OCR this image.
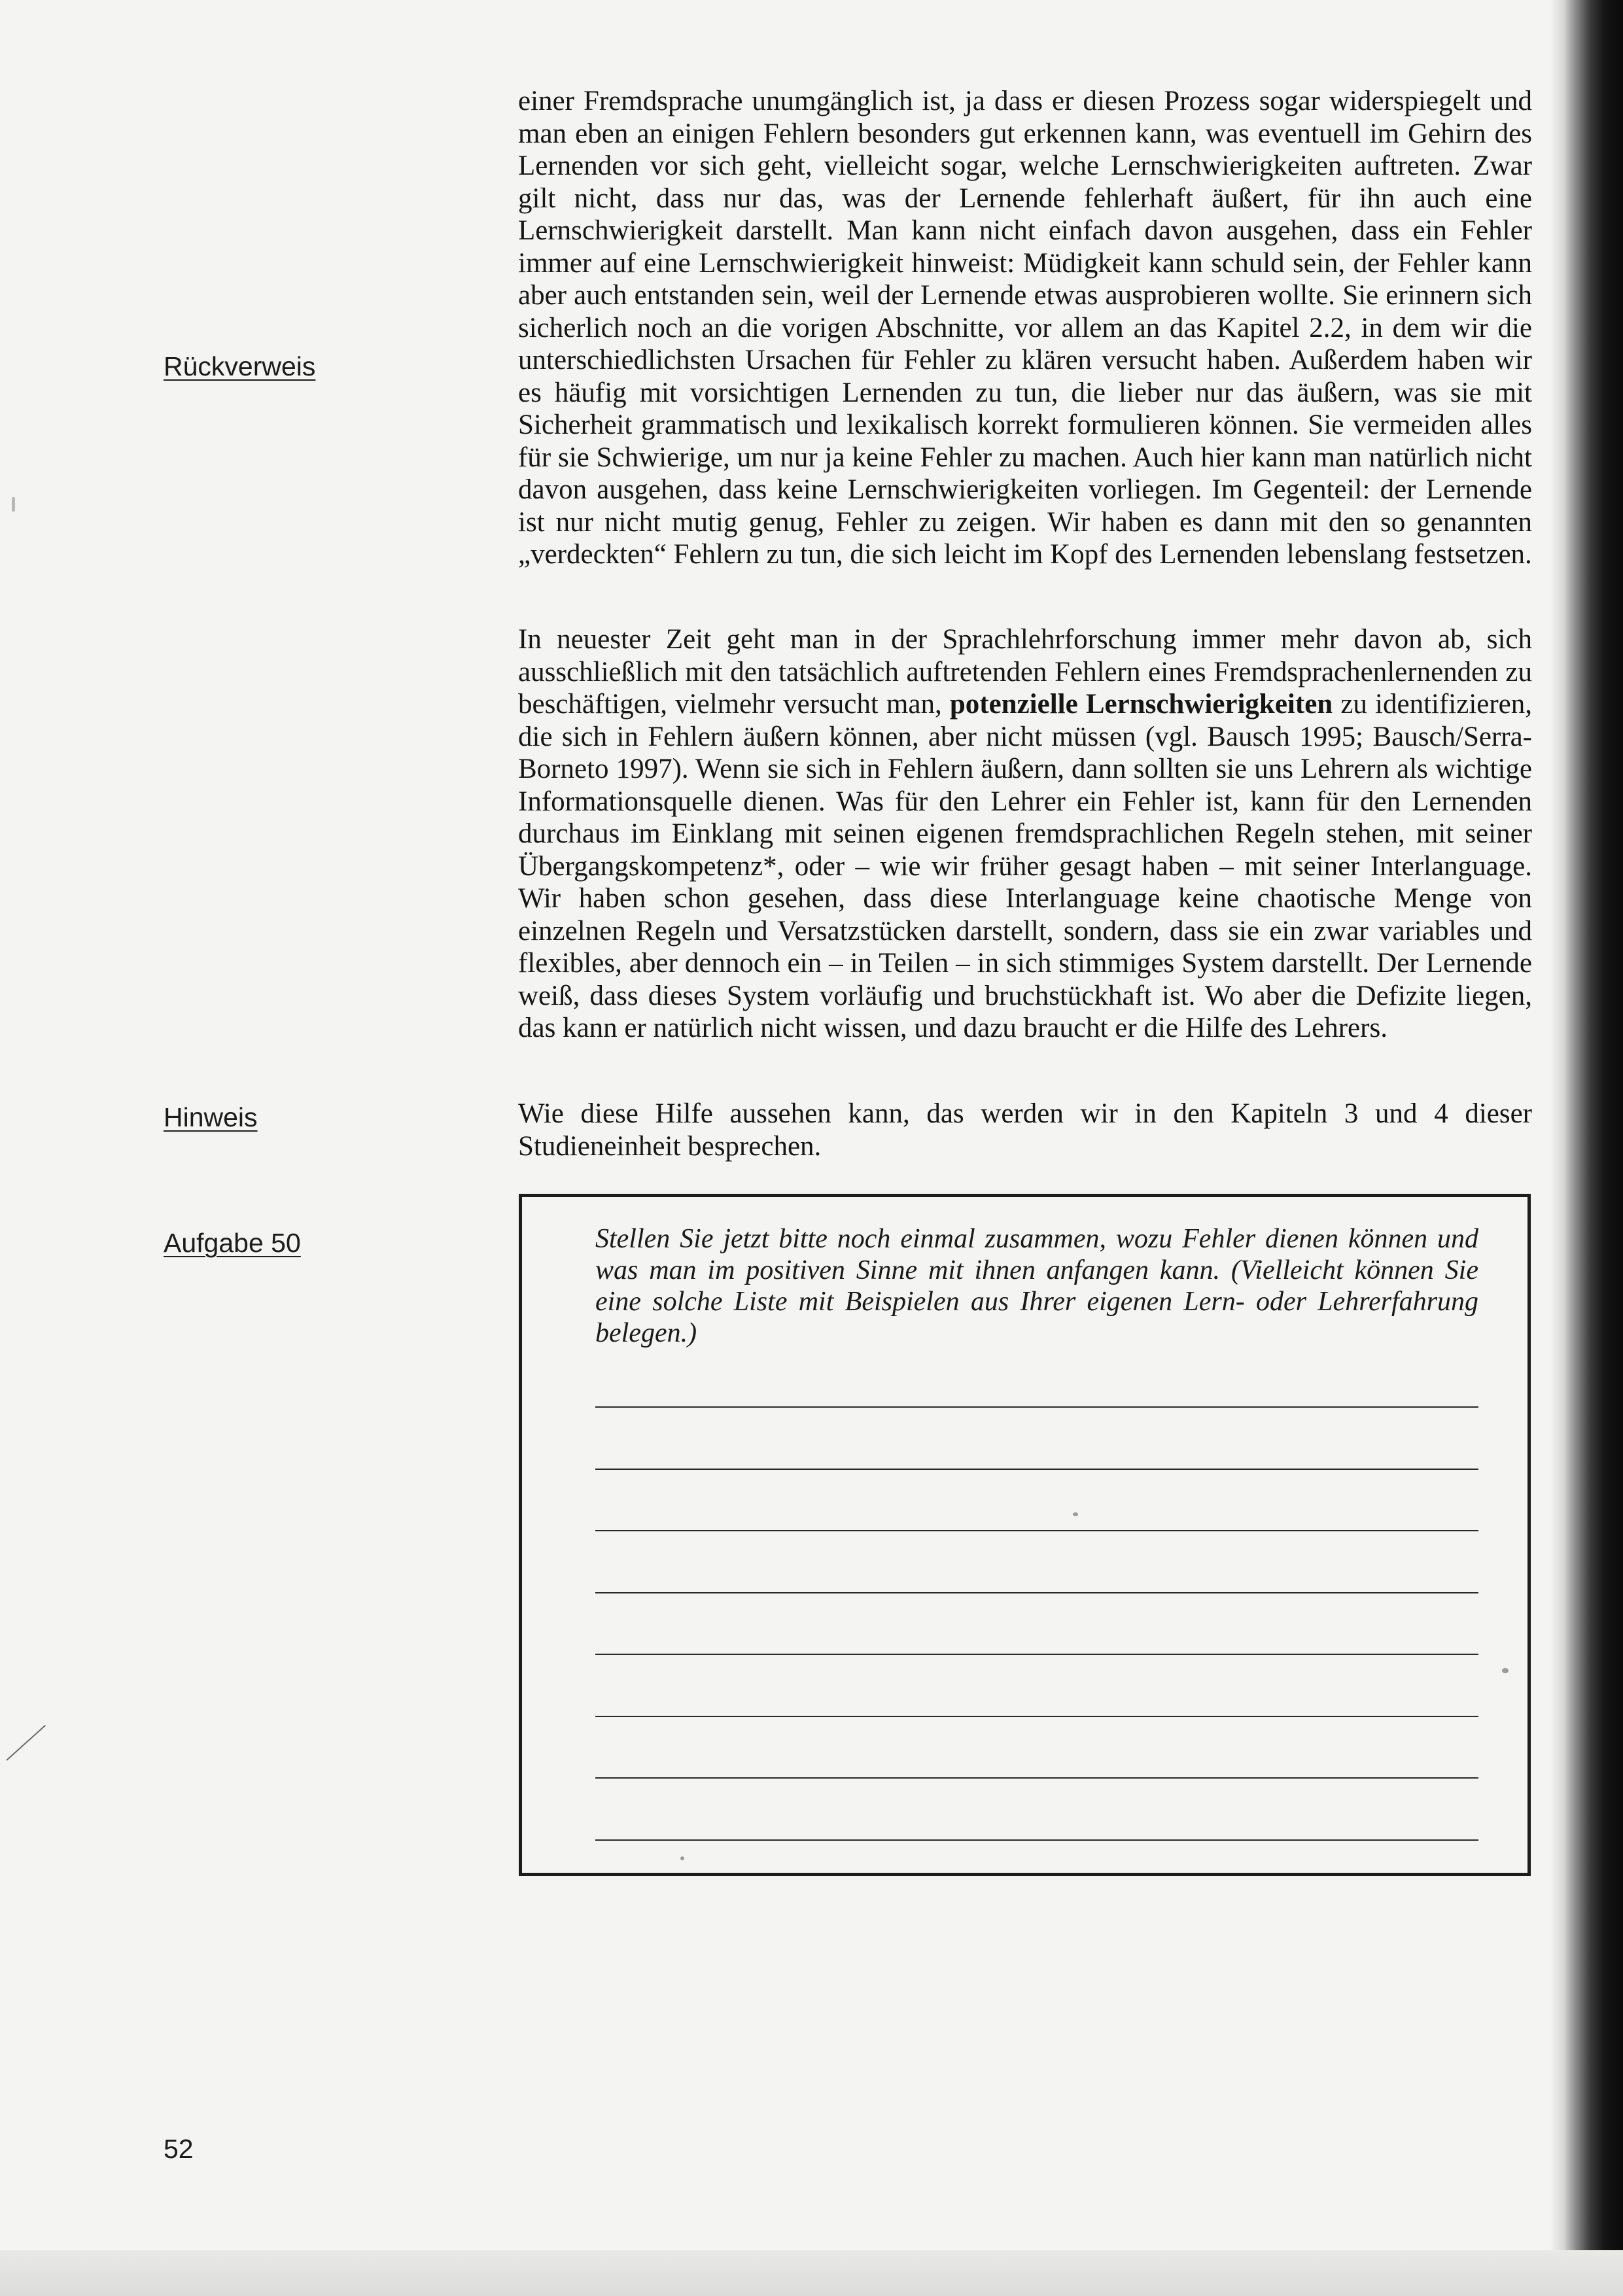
Rückverweis
Hinweis
Aufgabe 50

einer Fremdsprache unumgänglich ist, ja dass er diesen Prozess sogar widerspiegelt und man eben an einigen Fehlern besonders gut erkennen kann, was eventuell im Gehirn des Lernenden vor sich geht, vielleicht sogar, welche Lernschwierigkeiten auftreten. Zwar gilt nicht, dass nur das, was der Lernende fehlerhaft äußert, für ihn auch eine Lernschwierigkeit darstellt. Man kann nicht einfach davon ausgehen, dass ein Fehler immer auf eine Lernschwierigkeit hinweist: Müdigkeit kann schuld sein, der Fehler kann aber auch entstanden sein, weil der Lernende etwas ausprobieren wollte. Sie erinnern sich sicherlich noch an die vorigen Abschnitte, vor allem an das Kapitel 2.2, in dem wir die unterschiedlichsten Ursachen für Fehler zu klären versucht haben. Außerdem haben wir es häufig mit vorsichtigen Lernenden zu tun, die lieber nur das äußern, was sie mit Sicherheit grammatisch und lexikalisch korrekt formulieren können. Sie vermeiden alles für sie Schwierige, um nur ja keine Fehler zu machen. Auch hier kann man natürlich nicht davon ausgehen, dass keine Lernschwierigkeiten vorliegen. Im Gegenteil: der Lernende ist nur nicht mutig genug, Fehler zu zeigen. Wir haben es dann mit den so genannten „verdeckten“ Fehlern zu tun, die sich leicht im Kopf des Lernenden lebenslang festsetzen.

In neuester Zeit geht man in der Sprachlehrforschung immer mehr davon ab, sich ausschließlich mit den tatsächlich auftretenden Fehlern eines Fremdsprachenlernenden zu beschäftigen, vielmehr versucht man, potenzielle Lernschwierigkeiten zu identifizieren, die sich in Fehlern äußern können, aber nicht müssen (vgl. Bausch 1995; Bausch/Serra-Borneto 1997). Wenn sie sich in Fehlern äußern, dann sollten sie uns Lehrern als wichtige Informationsquelle dienen. Was für den Lehrer ein Fehler ist, kann für den Lernenden durchaus im Einklang mit seinen eigenen fremdsprachlichen Regeln stehen, mit seiner Übergangskompetenz*, oder – wie wir früher gesagt haben – mit seiner Interlanguage. Wir haben schon gesehen, dass diese Interlanguage keine chaotische Menge von einzelnen Regeln und Versatzstücken darstellt, sondern, dass sie ein zwar variables und flexibles, aber dennoch ein – in Teilen – in sich stimmiges System darstellt. Der Lernende weiß, dass dieses System vorläufig und bruchstückhaft ist. Wo aber die Defizite liegen, das kann er natürlich nicht wissen, und dazu braucht er die Hilfe des Lehrers.

Wie diese Hilfe aussehen kann, das werden wir in den Kapiteln 3 und 4 dieser Studieneinheit besprechen.

Stellen Sie jetzt bitte noch einmal zusammen, wozu Fehler dienen können und was man im positiven Sinne mit ihnen anfangen kann. (Vielleicht können Sie eine solche Liste mit Beispielen aus Ihrer eigenen Lern- oder Lehrerfahrung belegen.)

52
